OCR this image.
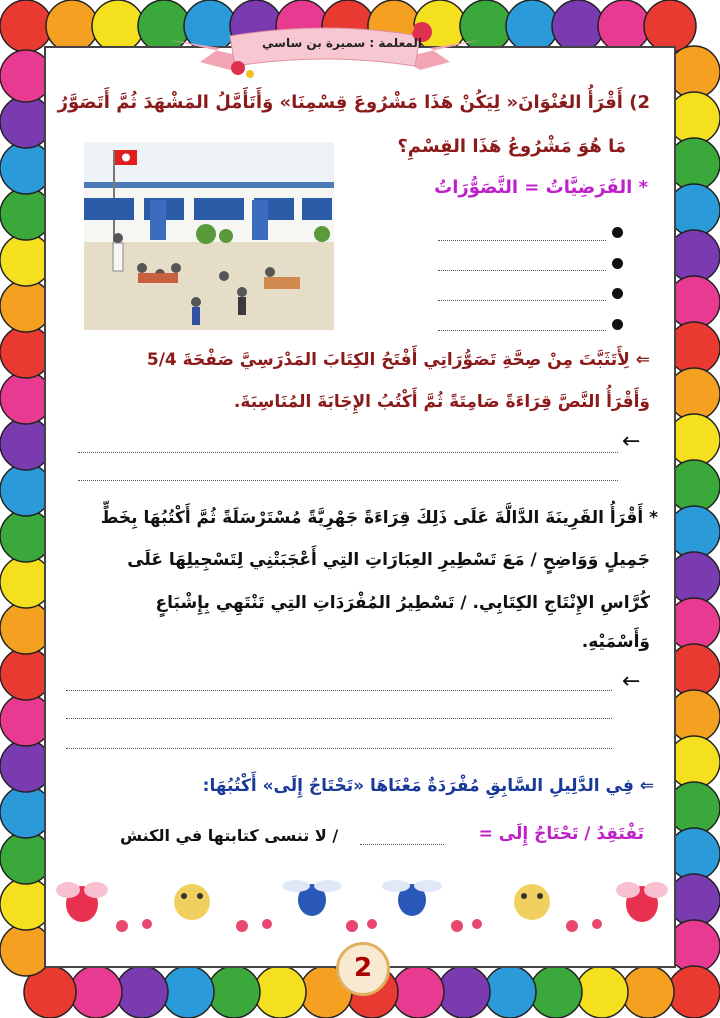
المعلمة : سميرة بن ساسي
2) أَقْرَأُ العُنْوَانَ« لِيَكُنْ هَذَا مَشْرُوعَ قِسْمِنَا» وَأَتَأَمَّلُ المَشْهَدَ ثُمَّ أَتَصَوَّرُ
مَا هُوَ مَشْرُوعُ هَذَا القِسْمِ؟
* الفَرَضِيَّاتُ = التَّصَوُّرَاتُ
⇐ لِأَتَثَبَّتَ مِنْ صِحَّةِ تَصَوُّرَاتِي أَفْتَحُ الكِتَابَ المَدْرَسِيَّ صَفْحَةَ 5/4
وَأَقْرَأُ النَّصَّ قِرَاءَةً صَامِتَةً ثُمَّ أَكْتُبُ الإِجَابَةَ المُنَاسِبَةَ.
←
* أَقْرَأُ القَرِينَةَ الدَّالَّةَ عَلَى ذَلِكَ قِرَاءَةً جَهْرِيَّةً مُسْتَرْسَلَةً ثُمَّ أَكْتُبُهَا بِخَطٍّ
جَمِيلٍ وَوَاضِحٍ / مَعَ تَسْطِيرِ العِبَارَاتِ التِي أَعْجَبَتْنِي لِتَسْجِيلِهَا عَلَى
كُرَّاسِ الإِنْتَاجِ الكِتَابِي. / تَسْطِيرُ المُفْرَدَاتِ التِي تَنْتَهِي بِإِشْبَاعٍ
وَأَسْمَيْهِ.
←
⇐ فِي الدَّلِيلِ السَّابِقِ مُفْرَدَةٌ مَعْنَاهَا «تَحْتَاجُ إِلَى» أَكْتُبُهَا:
تَفْتَقِدُ / تَحْتَاجُ إِلَى =
/ لا تنسى كتابتها في الكنش
2
